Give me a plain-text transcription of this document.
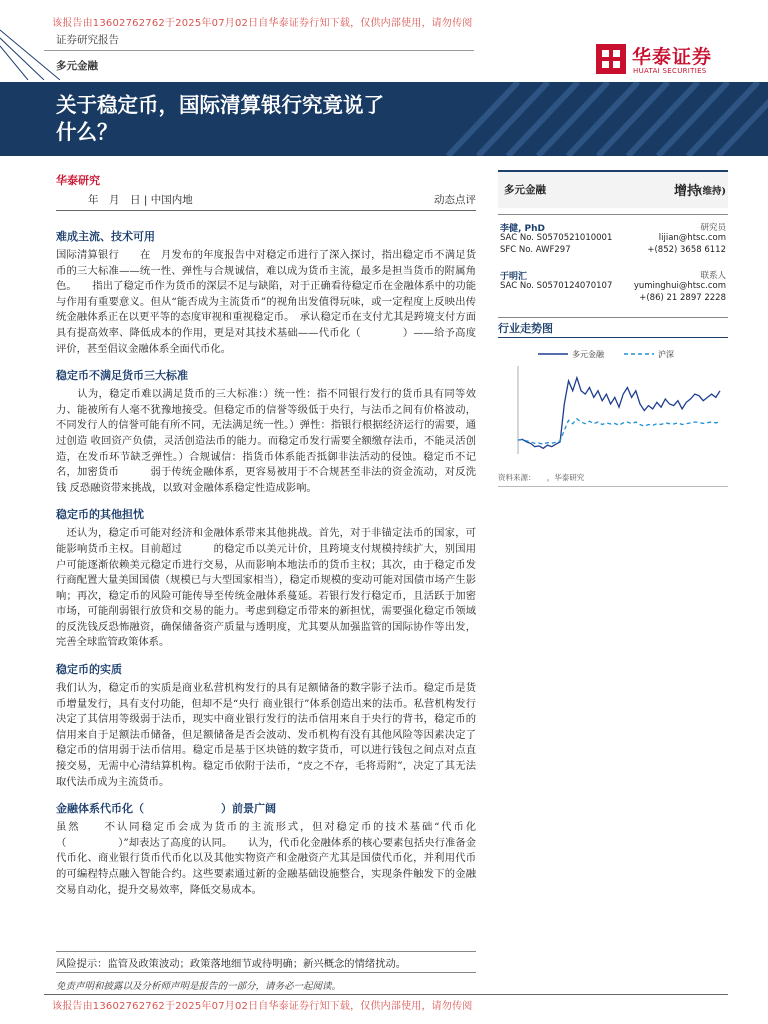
该报告由13602762762于2025年07月02日自华泰证券行知下载，仅供内部使用，请勿传阅
证券研究报告
多元金融	华泰证券
HUATAI SECURITIES
关于稳定币，国际清算银行究竟说了
什么？
华泰研究
年　月　日 | 中国内地	动态点评
难成主流、技术可用
国际清算银行　　在　月发布的年度报告中对稳定币进行了深入探讨，指出稳定币不满足货币的三大标准——统一性、弹性与合规诚信，难以成为货币主流，最多是担当货币的附属角色。　　指出了稳定币作为货币的深层不足与缺陷，对于正确看待稳定币在金融体系中的功能与作用有重要意义。但从“能否成为主流货币”的视角出发值得玩味，或一定程度上反映出传统金融体系正在以更平等的态度审视和重视稳定币。　承认稳定币在支付尤其是跨境支付方面具有提高效率、降低成本的作用，更是对其技术基础——代币化（　　　　）——给予高度评价，甚至倡议金融体系全面代币化。
稳定币不满足货币三大标准
　　认为，稳定币难以满足货币的三大标准：）统一性：指不同银行发行的货币具有同等效力、能被所有人毫不犹豫地接受。但稳定币的信誉等级低于央行，与法币之间有价格波动，不同发行人的信誉可能有所不同，无法满足统一性。）弹性：指银行根据经济运行的需要，通过创造 收回资产负债，灵活创造法币的能力。而稳定币发行需要全额缴存法币，不能灵活创造，在发币环节缺乏弹性。）合规诚信：指货币体系能否抵御非法活动的侵蚀。稳定币不记名，加密货币　　　弱于传统金融体系，更容易被用于不合规甚至非法的资金流动，对反洗钱 反恐融资带来挑战，以致对金融体系稳定性造成影响。
稳定币的其他担忧
　还认为，稳定币可能对经济和金融体系带来其他挑战。首先，对于非锚定法币的国家，可能影响货币主权。目前超过　　　的稳定币以美元计价，且跨境支付规模持续扩大，别国用户可能逐渐依赖美元稳定币进行交易，从而影响本地法币的货币主权；其次，由于稳定币发行商配置大量美国国债（规模已与大型国家相当），稳定币规模的变动可能对国债市场产生影响；再次，稳定币的风险可能传导至传统金融体系蔓延。若银行发行稳定币，且活跃于加密市场，可能削弱银行放贷和交易的能力。考虑到稳定币带来的新担忧，需要强化稳定币领域的反洗钱反恐怖融资，确保储备资产质量与透明度，尤其要从加强监管的国际协作等出发，完善全球监管政策体系。
稳定币的实质
我们认为，稳定币的实质是商业私营机构发行的具有足额储备的数字影子法币。稳定币是货币增量发行，具有支付功能，但却不是“央行 商业银行”体系创造出来的法币。私营机构发行决定了其信用等级弱于法币，现实中商业银行发行的法币信用来自于央行的背书，稳定币的信用来自于足额法币储备，但足额储备是否会波动、发币机构有没有其他风险等因素决定了稳定币的信用弱于法币信用。稳定币是基于区块链的数字货币，可以进行钱包之间点对点直接交易，无需中心清结算机构。稳定币依附于法币，“皮之不存，毛将焉附”，决定了其无法取代法币成为主流货币。
金融体系代币化（　　　　　　　）前景广阔
虽然　　不认同稳定币会成为货币的主流形式，但对稳定币的技术基础“代币化（　　　　　）”却表达了高度的认同。　　认为，代币化金融体系的核心要素包括央行准备金代币化、商业银行货币代币化以及其他实物资产和金融资产尤其是国债代币化，并利用代币的可编程特点融入智能合约。这些要素通过新的金融基础设施整合，实现条件触发下的金融交易自动化，提升交易效率，降低交易成本。
风险提示：监管及政策波动；政策落地细节或待明确；新兴概念的情绪扰动。
免责声明和披露以及分析师声明是报告的一部分，请务必一起阅读。
该报告由13602762762于2025年07月02日自华泰证券行知下载，仅供内部使用，请勿传阅
多元金融	增持
(维持)
李健, PhD	研究员
SAC No. S0570521010001
SFC No. AWF297
lijian@htsc.com
+(852) 3658 6112
于明汇	联系人
SAC No. S0570124070107	yuminghui@htsc.com
+(86) 21 2897 2228
行业走势图
多元金融	沪深
资料来源：　　，华泰研究
